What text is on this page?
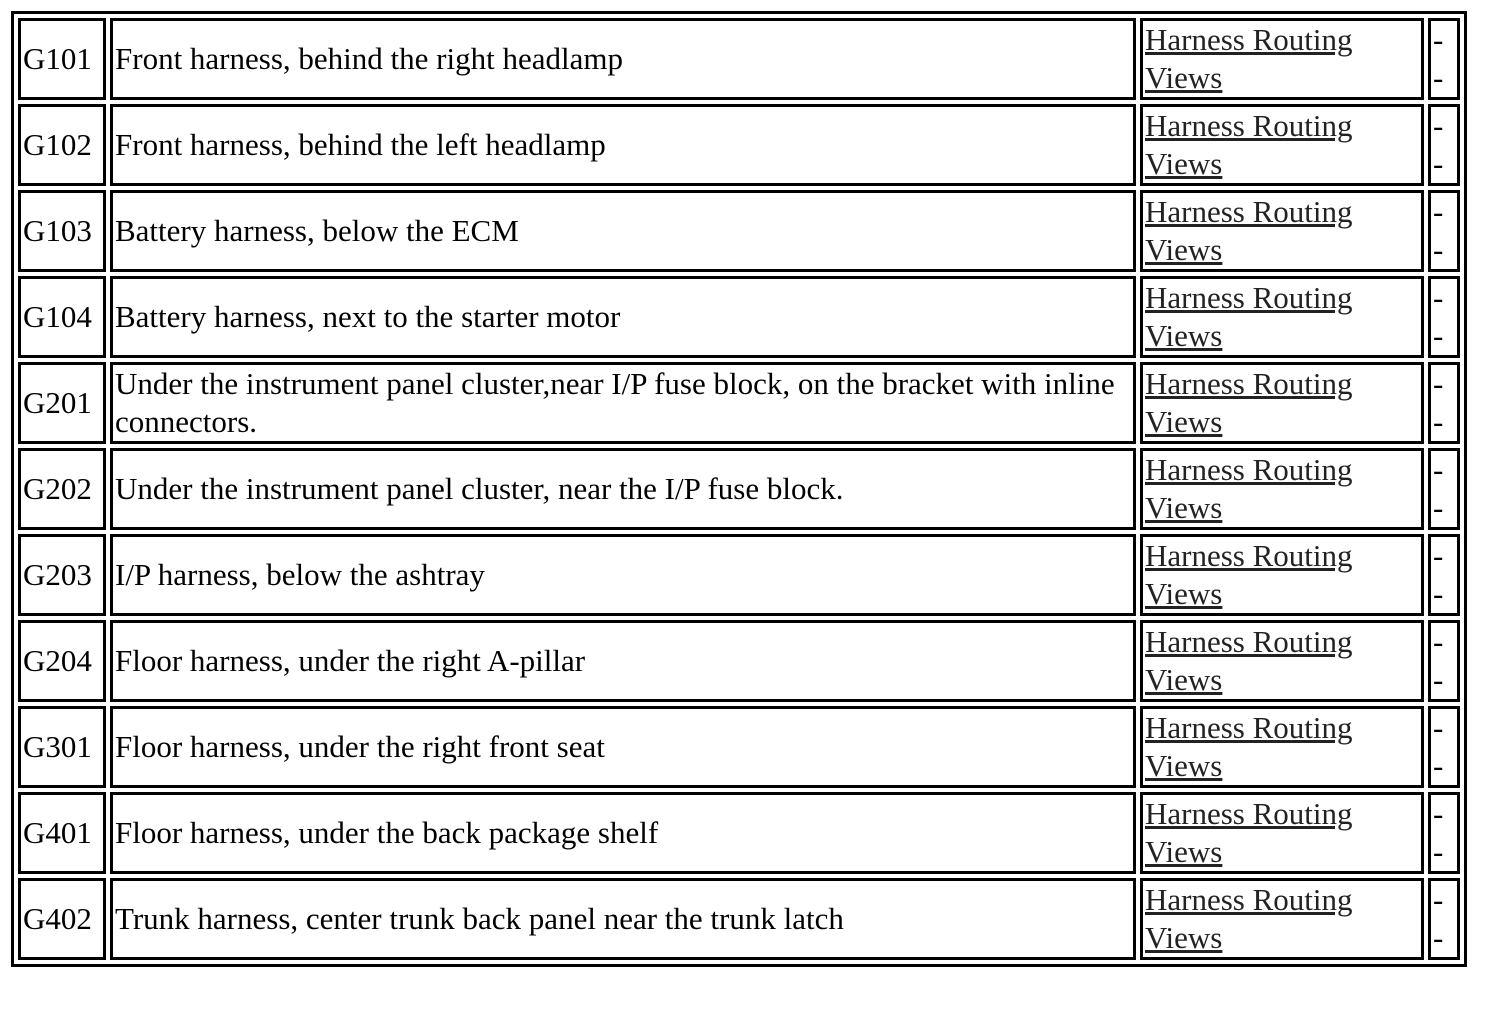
G101	Front harness, behind the right headlamp	Harness Routing Views	-
-

G102	Front harness, behind the left headlamp	Harness Routing Views	-
-

G103	Battery harness, below the ECM	Harness Routing Views	-
-

G104	Battery harness, next to the starter motor	Harness Routing Views	-
-

G201	Under the instrument panel cluster,near I/P fuse block, on the bracket with inline connectors.	Harness Routing Views	-
-

G202	Under the instrument panel cluster, near the I/P fuse block.	Harness Routing Views	-
-

G203	I/P harness, below the ashtray	Harness Routing Views	-
-

G204	Floor harness, under the right A-pillar	Harness Routing Views	-
-

G301	Floor harness, under the right front seat	Harness Routing Views	-
-

G401	Floor harness, under the back package shelf	Harness Routing Views	-
-

G402	Trunk harness, center trunk back panel near the trunk latch	Harness Routing Views	-
-
